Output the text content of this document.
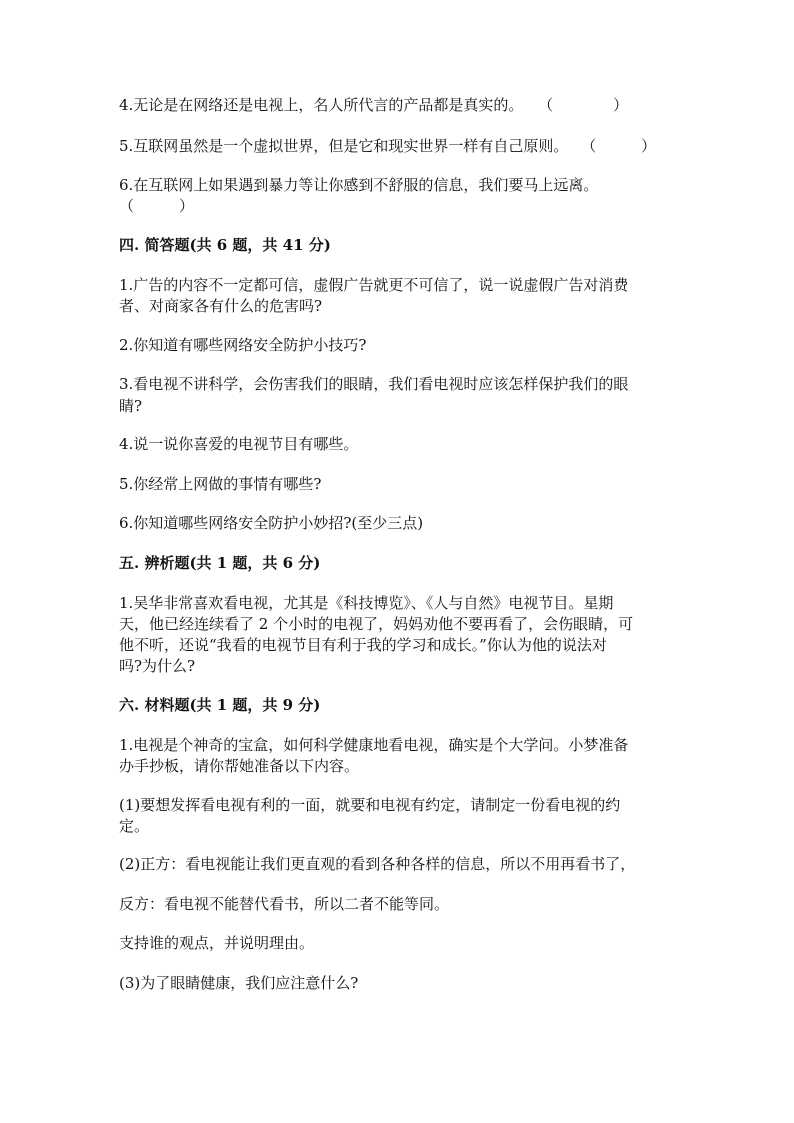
4.无论是在网络还是电视上，名人所代言的产品都是真实的。 （　　　　）
5.互联网虽然是一个虚拟世界，但是它和现实世界一样有自己原则。 （　　　）
6.在互联网上如果遇到暴力等让你感到不舒服的信息，我们要马上远离。
（　　　）
四. 简答题(共 6 题，共 41 分)
1.广告的内容不一定都可信，虚假广告就更不可信了，说一说虚假广告对消费
者、对商家各有什么的危害吗?
2.你知道有哪些网络安全防护小技巧?
3.看电视不讲科学，会伤害我们的眼睛，我们看电视时应该怎样保护我们的眼
睛?
4.说一说你喜爱的电视节目有哪些。
5.你经常上网做的事情有哪些?
6.你知道哪些网络安全防护小妙招?(至少三点)
五. 辨析题(共 1 题，共 6 分)
1.吴华非常喜欢看电视，尤其是《科技博览》、《人与自然》电视节目。星期
天，他已经连续看了 2 个小时的电视了，妈妈劝他不要再看了，会伤眼睛，可
他不听，还说“我看的电视节目有利于我的学习和成长。”你认为他的说法对
吗?为什么?
六. 材料题(共 1 题，共 9 分)
1.电视是个神奇的宝盒，如何科学健康地看电视，确实是个大学问。小梦准备
办手抄板，请你帮她准备以下内容。
(1)要想发挥看电视有利的一面，就要和电视有约定，请制定一份看电视的约
定。
(2)正方：看电视能让我们更直观的看到各种各样的信息，所以不用再看书了，
反方：看电视不能替代看书，所以二者不能等同。
支持谁的观点，并说明理由。
(3)为了眼睛健康，我们应注意什么?
